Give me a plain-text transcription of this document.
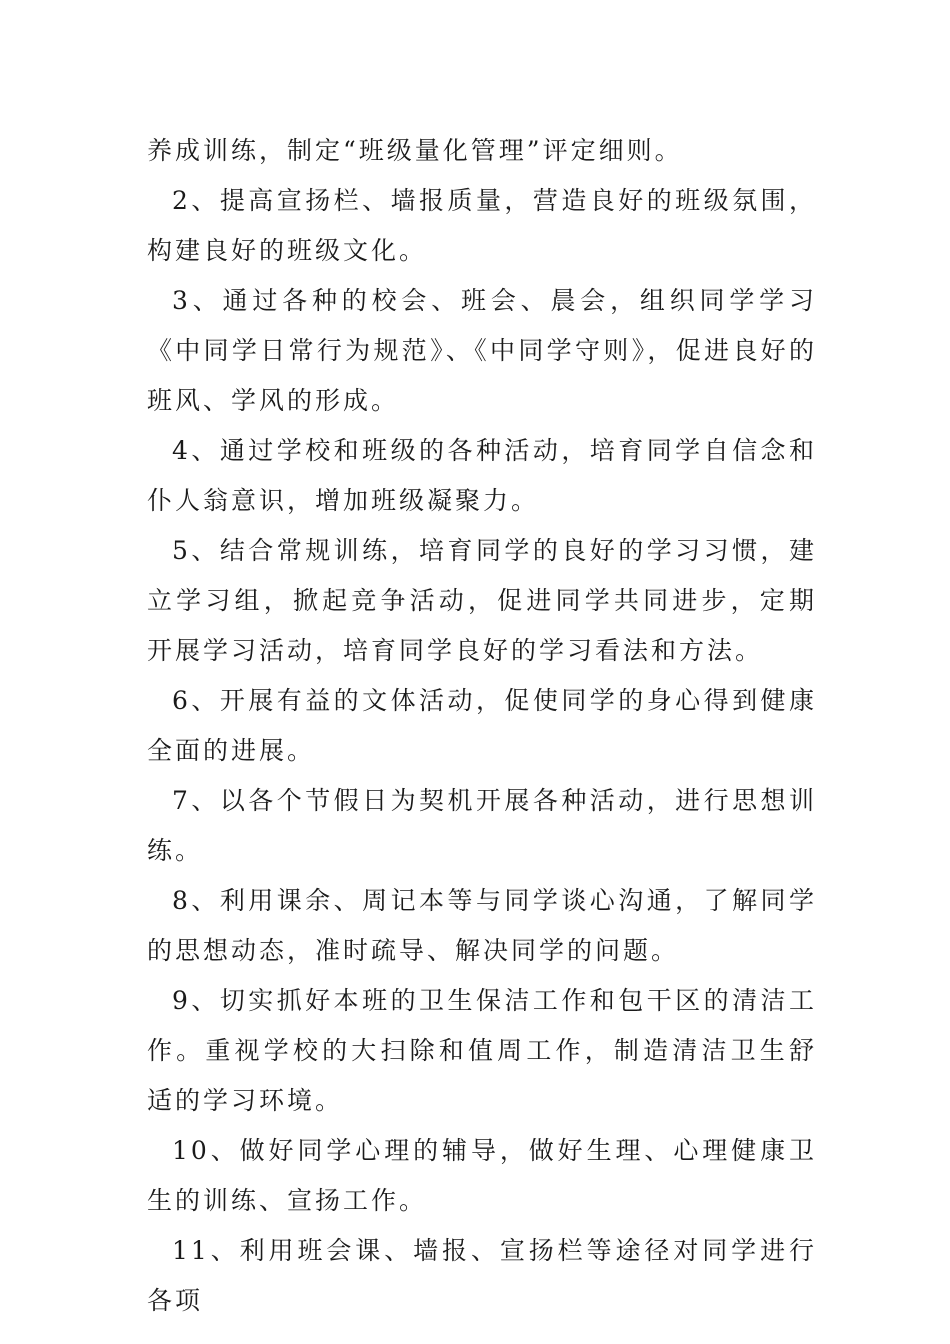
养成训练，制定“班级量化管理”评定细则。

2、提高宣扬栏、墙报质量，营造良好的班级氛围，构建良好的班级文化。

3、通过各种的校会、班会、晨会，组织同学学习《中同学日常行为规范》、《中同学守则》，促进良好的班风、学风的形成。

4、通过学校和班级的各种活动，培育同学自信念和仆人翁意识，增加班级凝聚力。

5、结合常规训练，培育同学的良好的学习习惯，建立学习组，掀起竞争活动，促进同学共同进步，定期开展学习活动，培育同学良好的学习看法和方法。

6、开展有益的文体活动，促使同学的身心得到健康全面的进展。

7、以各个节假日为契机开展各种活动，进行思想训练。

8、利用课余、周记本等与同学谈心沟通，了解同学的思想动态，准时疏导、解决同学的问题。

9、切实抓好本班的卫生保洁工作和包干区的清洁工作。重视学校的大扫除和值周工作，制造清洁卫生舒适的学习环境。

10、做好同学心理的辅导，做好生理、心理健康卫生的训练、宣扬工作。

11、利用班会课、墙报、宣扬栏等途径对同学进行各项
